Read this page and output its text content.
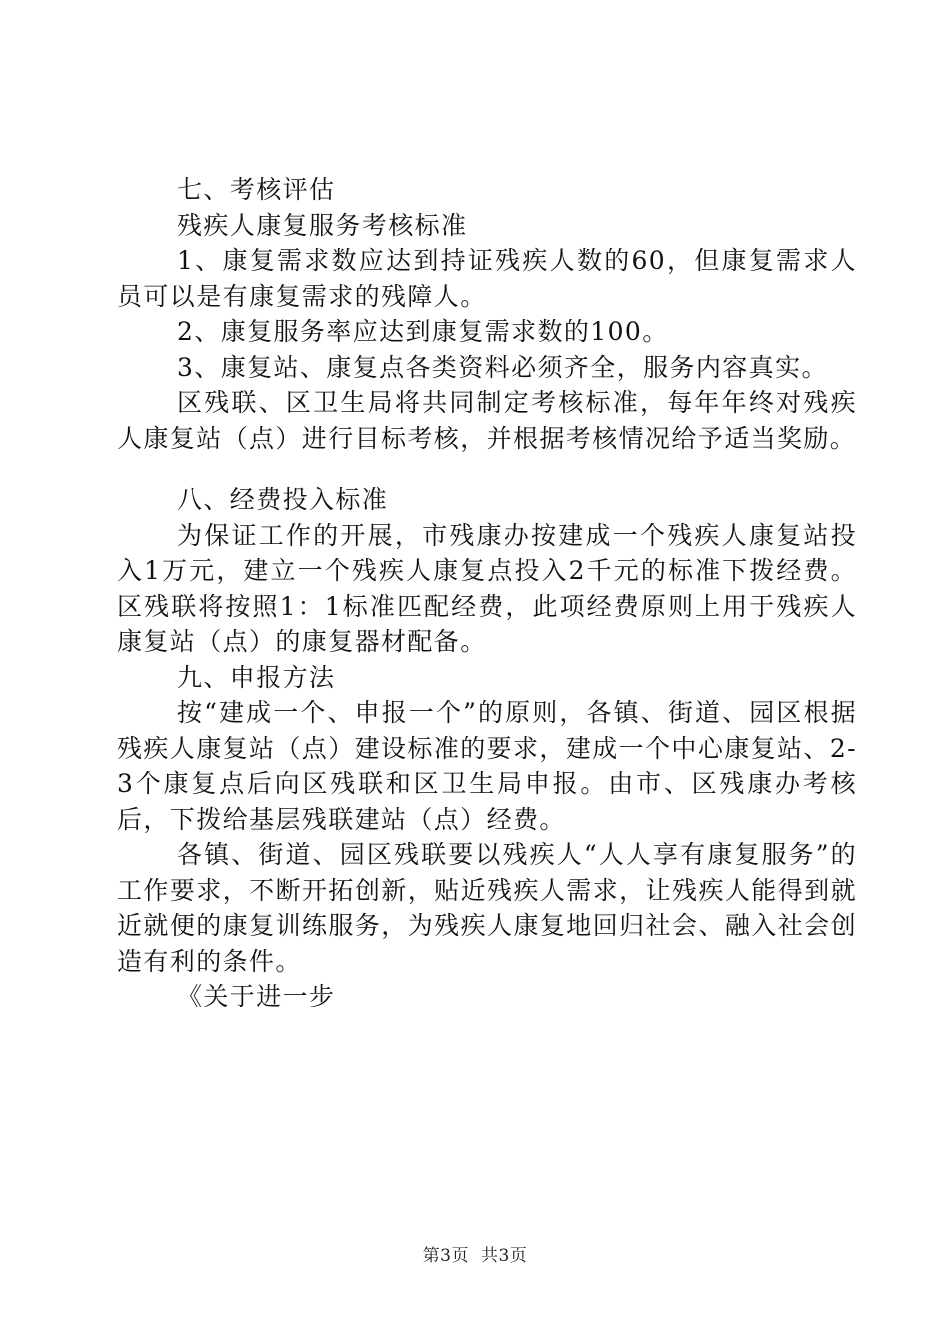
七、考核评估

残疾人康复服务考核标准

1、康复需求数应达到持证残疾人数的60，但康复需求人员可以是有康复需求的残障人。

2、康复服务率应达到康复需求数的100。

3、康复站、康复点各类资料必须齐全，服务内容真实。

区残联、区卫生局将共同制定考核标准，每年年终对残疾人康复站（点）进行目标考核，并根据考核情况给予适当奖励。

八、经费投入标准

为保证工作的开展，市残康办按建成一个残疾人康复站投入1万元，建立一个残疾人康复点投入2千元的标准下拨经费。区残联将按照1：1标准匹配经费，此项经费原则上用于残疾人康复站（点）的康复器材配备。

九、申报方法

按“建成一个、申报一个”的原则，各镇、街道、园区根据残疾人康复站（点）建设标准的要求，建成一个中心康复站、2-3个康复点后向区残联和区卫生局申报。由市、区残康办考核后，下拨给基层残联建站（点）经费。

各镇、街道、园区残联要以残疾人“人人享有康复服务”的工作要求，不断开拓创新，贴近残疾人需求，让残疾人能得到就近就便的康复训练服务，为残疾人康复地回归社会、融入社会创造有利的条件。

《关于进一步

第3页 共3页
